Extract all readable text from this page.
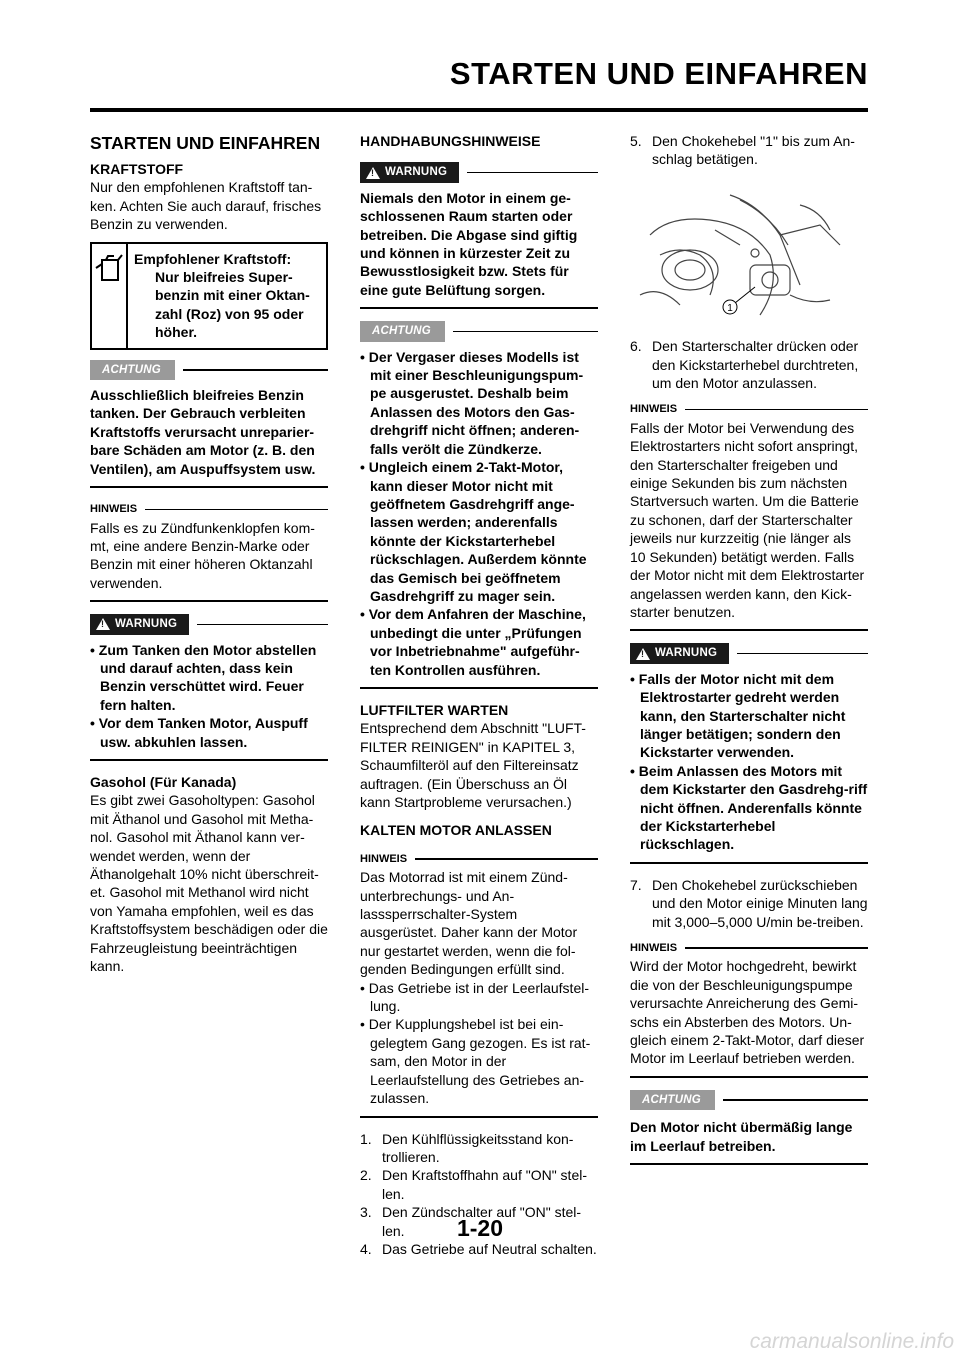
STARTEN UND EINFAHREN
STARTEN UND EINFAHREN
KRAFTSTOFF

Nur den empfohlenen Kraftstoff tan-ken. Achten Sie auch darauf, frisches Benzin zu verwenden.

Empfohlener Kraftstoff:
Nur bleifreies Super-benzin mit einer Oktan-zahl (Roz) von 95 oder höher.
ACHTUNG

Ausschließlich bleifreies Benzin tanken. Der Gebrauch verbleiten Kraftstoffs verursacht unreparier-bare Schäden am Motor (z. B. den Ventilen), am Auspuffsystem usw.

HINWEIS

Falls es zu Zündfunkenklopfen kom-mt, eine andere Benzin-Marke oder Benzin mit einer höheren Oktanzahl verwenden.

!
WARNUNG

• Zum Tanken den Motor abstellen und darauf achten, dass kein Benzin verschüttet wird. Feuer fern halten.

• Vor dem Tanken Motor, Auspuff usw. abkuhlen lassen.

Gasohol (Für Kanada)

Es gibt zwei Gasoholtypen: Gasohol mit Äthanol und Gasohol mit Metha-nol. Gasohol mit Äthanol kann ver-wendet werden, wenn der Äthanolgehalt 10% nicht überschreit-et. Gasohol mit Methanol wird nicht von Yamaha empfohlen, weil es das Kraftstoffsystem beschädigen oder die Fahrzeugleistung beeinträchtigen kann.

HANDHABUNGSHINWEISE
!
WARNUNG

Niemals den Motor in einem ge-schlossenen Raum starten oder betreiben. Die Abgase sind giftig und können in kürzester Zeit zu Bewusstlosigkeit bzw. Stets für eine gute Belüftung sorgen.

ACHTUNG

• Der Vergaser dieses Modells ist mit einer Beschleunigungspum-pe ausgerustet. Deshalb beim Anlassen des Motors den Gas-drehgriff nicht öffnen; anderen-falls verölt die Zündkerze.

• Ungleich einem 2-Takt-Motor, kann dieser Motor nicht mit geöffnetem Gasdrehgriff ange-lassen werden; anderenfalls könnte der Kickstarterhebel rückschlagen. Außerdem könnte das Gemisch bei geöffnetem Gasdrehgriff zu mager sein.

• Vor dem Anfahren der Maschine, unbedingt die unter „Prüfungen vor Inbetriebnahme" aufgeführ-ten Kontrollen ausführen.

LUFTFILTER WARTEN

Entsprechend dem Abschnitt "LUFT-FILTER REINIGEN" in KAPITEL 3, Schaumfilteröl auf den Filtereinsatz auftragen. (Ein Überschuss an Öl kann Startprobleme verursachen.)

KALTEN MOTOR ANLASSEN
HINWEIS

Das Motorrad ist mit einem Zünd-unterbrechungs- und An-lasssperrschalter-System ausgerüstet. Daher kann der Motor nur gestartet werden, wenn die fol-genden Bedingungen erfüllt sind.

• Das Getriebe ist in der Leerlaufstel-lung.

• Der Kupplungshebel ist bei ein-gelegtem Gang gezogen. Es ist rat-sam, den Motor in der Leerlaufstellung des Getriebes an-zulassen.

1. Den Kühlflüssigkeitsstand kon-trollieren.
2. Den Kraftstoffhahn auf "ON" stel-len.
3. Den Zündschalter auf "ON" stel-len.
4. Das Getriebe auf Neutral schalten.
5. Den Chokehebel "1" bis zum An-schlag betätigen.
1
6. Den Starterschalter drücken oder den Kickstarterhebel durchtreten, um den Motor anzulassen.
HINWEIS

Falls der Motor bei Verwendung des Elektrostarters nicht sofort anspringt, den Starterschalter freigeben und einige Sekunden bis zum nächsten Startversuch warten. Um die Batterie zu schonen, darf der Starterschalter jeweils nur kurzzeitig (nie länger als 10 Sekunden) betätigt werden. Falls der Motor nicht mit dem Elektrostarter angelassen werden kann, den Kick-starter benutzen.

!
WARNUNG

• Falls der Motor nicht mit dem Elektrostarter gedreht werden kann, den Starterschalter nicht länger betätigen; sondern den Kickstarter verwenden.

• Beim Anlassen des Motors mit dem Kickstarter den Gasdrehg-riff nicht öffnen. Anderenfalls könnte der Kickstarterhebel rückschlagen.

7. Den Chokehebel zurückschieben und den Motor einige Minuten lang mit 3,000–5,000 U/min be-treiben.
HINWEIS

Wird der Motor hochgedreht, bewirkt die von der Beschleunigungspumpe verursachte Anreicherung des Gemi-schs ein Absterben des Motors. Un-gleich einem 2-Takt-Motor, darf dieser Motor im Leerlauf betrieben werden.

ACHTUNG

Den Motor nicht übermäßig lange im Leerlauf betreiben.

1-20
carmanualsonline.info
